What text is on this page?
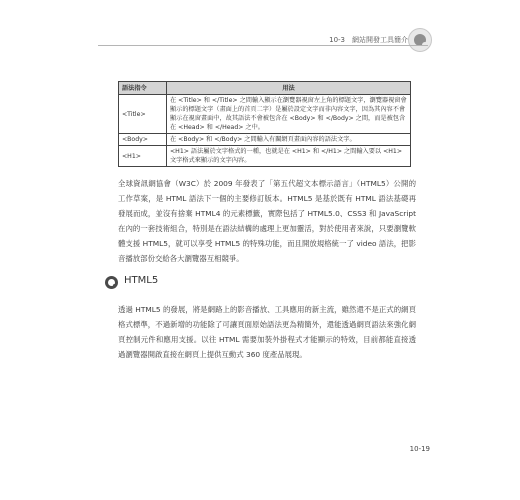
10-3　網站開發工具簡介
語法指令	用法
<Title>	在 <Title> 和 </Title> 之間輸入顯示在瀏覽器視窗左上角的標題文字，瀏覽器視窗會顯示的標題文字（畫面上的首頁二字）是屬於設定文字而非內容文字，因為其內容不會顯示在視窗畫面中，故其語法不會被包含在 <Body> 和 </Body> 之間，而是被包含在 <Head> 和 </Head> 之中。
<Body>	在 <Body> 和 </Body> 之間輸入有關網頁畫面內容的語法文字。
<H1>	<H1> 語法屬於文字格式的一種，也就是在 <H1> 和 </H1> 之間輸入要以 <H1> 文字格式來顯示的文字內容。

全球資訊網協會（W3C）於 2009 年發表了「第五代超文本標示語言」（HTML5）公開的工作草案，是 HTML 語法下一個的主要修訂版本。HTML5 是基於既有 HTML 語法基礎再發展而成，並沒有捨棄 HTML4 的元素標籤，實際包括了 HTML5.0、CSS3 和 JavaScript 在內的一套技術組合，特別是在語法結構的處理上更加靈活，對於使用者來說，只要瀏覽軟體支援 HTML5，就可以享受 HTML5 的特殊功能，而且開放規格統一了 video 語法，把影音播放部份交給各大瀏覽器互相競爭。

HTML5

透過 HTML5 的發展，將是網路上的影音播放、工具應用的新主流，雖然還不是正式的網頁格式標準，不過新增的功能除了可讓頁面原始語法更為精簡外，還能透過網頁語法來強化網頁控制元件和應用支援。以往 HTML 需要加裝外掛程式才能顯示的特效，目前都能直接透過瀏覽器開啟直接在網頁上提供互動式 360 度產品展現。

10-19
